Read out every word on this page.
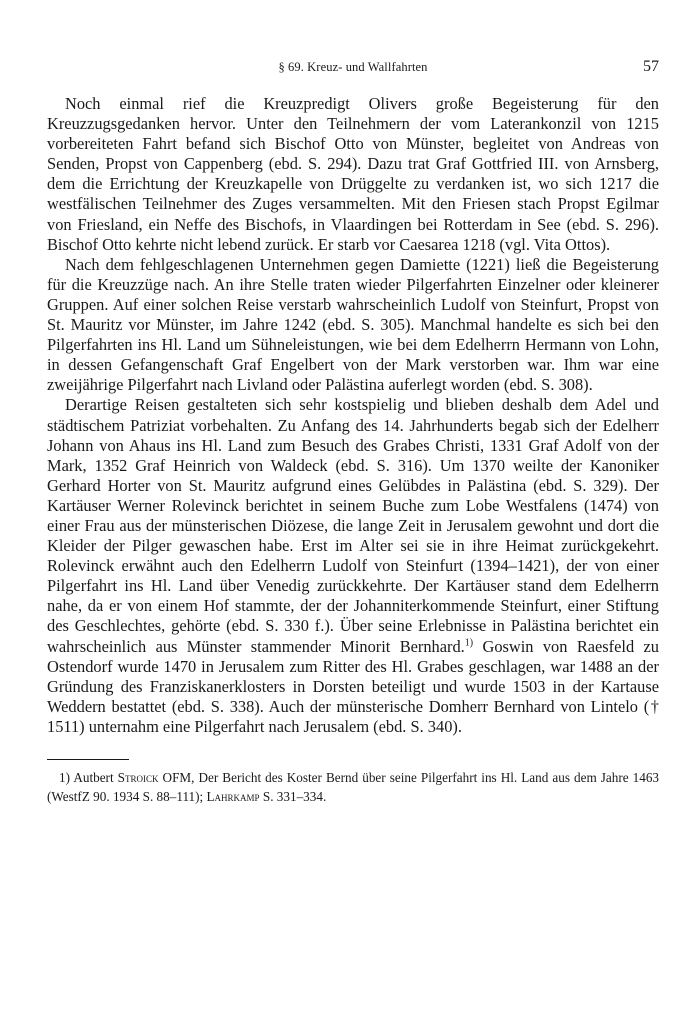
§ 69. Kreuz- und Wallfahrten	57

Noch einmal rief die Kreuzpredigt Olivers große Begeisterung für den Kreuzzugsgedanken hervor. Unter den Teilnehmern der vom Laterankonzil von 1215 vorbereiteten Fahrt befand sich Bischof Otto von Münster, begleitet von Andreas von Senden, Propst von Cappenberg (ebd. S. 294). Dazu trat Graf Gottfried III. von Arnsberg, dem die Errichtung der Kreuzkapelle von Drüggelte zu verdanken ist, wo sich 1217 die westfälischen Teilnehmer des Zuges versammelten. Mit den Friesen stach Propst Egilmar von Friesland, ein Neffe des Bischofs, in Vlaardingen bei Rotterdam in See (ebd. S. 296). Bischof Otto kehrte nicht lebend zurück. Er starb vor Caesarea 1218 (vgl. Vita Ottos).

Nach dem fehlgeschlagenen Unternehmen gegen Damiette (1221) ließ die Begeisterung für die Kreuzzüge nach. An ihre Stelle traten wieder Pilgerfahrten Einzelner oder kleinerer Gruppen. Auf einer solchen Reise verstarb wahrscheinlich Ludolf von Steinfurt, Propst von St. Mauritz vor Münster, im Jahre 1242 (ebd. S. 305). Manchmal handelte es sich bei den Pilgerfahrten ins Hl. Land um Sühneleistungen, wie bei dem Edelherrn Hermann von Lohn, in dessen Gefangenschaft Graf Engelbert von der Mark verstorben war. Ihm war eine zweijährige Pilgerfahrt nach Livland oder Palästina auferlegt worden (ebd. S. 308).

Derartige Reisen gestalteten sich sehr kostspielig und blieben deshalb dem Adel und städtischem Patriziat vorbehalten. Zu Anfang des 14. Jahrhunderts begab sich der Edelherr Johann von Ahaus ins Hl. Land zum Besuch des Grabes Christi, 1331 Graf Adolf von der Mark, 1352 Graf Heinrich von Waldeck (ebd. S. 316). Um 1370 weilte der Kanoniker Gerhard Horter von St. Mauritz aufgrund eines Gelübdes in Palästina (ebd. S. 329). Der Kartäuser Werner Rolevinck berichtet in seinem Buche zum Lobe Westfalens (1474) von einer Frau aus der münsterischen Diözese, die lange Zeit in Jerusalem gewohnt und dort die Kleider der Pilger gewaschen habe. Erst im Alter sei sie in ihre Heimat zurückgekehrt. Rolevinck erwähnt auch den Edelherrn Ludolf von Steinfurt (1394–1421), der von einer Pilgerfahrt ins Hl. Land über Venedig zurückkehrte. Der Kartäuser stand dem Edelherrn nahe, da er von einem Hof stammte, der der Johanniterkommende Steinfurt, einer Stiftung des Geschlechtes, gehörte (ebd. S. 330 f.). Über seine Erlebnisse in Palästina berichtet ein wahrscheinlich aus Münster stammender Minorit Bernhard.$^{1)}$ Goswin von Raesfeld zu Ostendorf wurde 1470 in Jerusalem zum Ritter des Hl. Grabes geschlagen, war 1488 an der Gründung des Franziskanerklosters in Dorsten beteiligt und wurde 1503 in der Kartause Weddern bestattet (ebd. S. 338). Auch der münsterische Domherr Bernhard von Lintelo († 1511) unternahm eine Pilgerfahrt nach Jerusalem (ebd. S. 340).

1) Autbert Stroick OFM, Der Bericht des Koster Bernd über seine Pilgerfahrt ins Hl. Land aus dem Jahre 1463 (WestfZ 90. 1934 S. 88–111); Lahrkamp S. 331–334.
